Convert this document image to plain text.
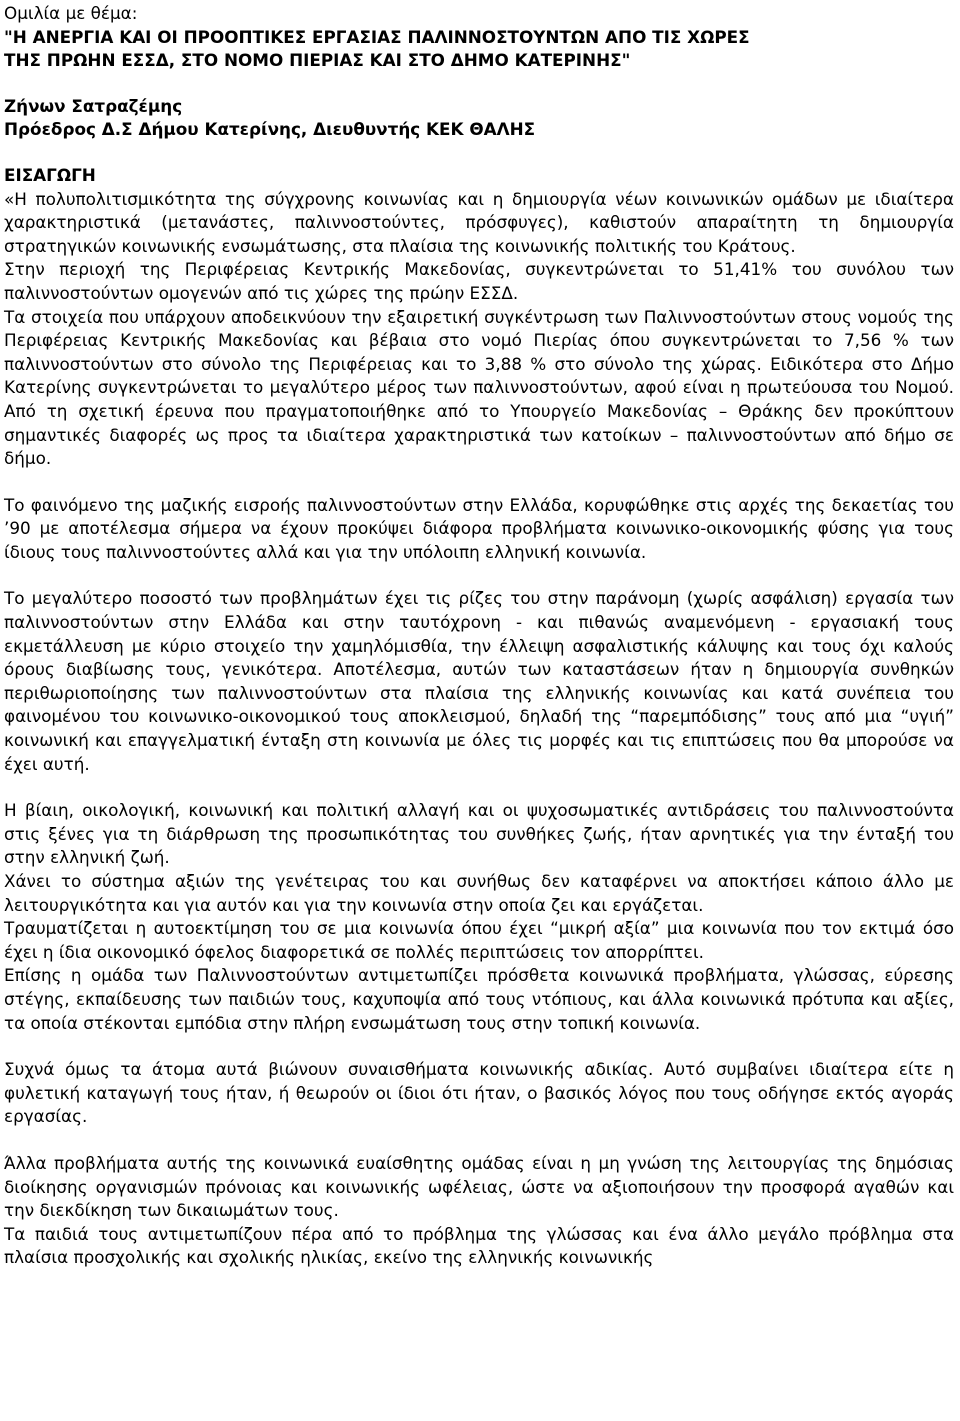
Ομιλία με θέμα:

"Η ΑΝΕΡΓΙΑ ΚΑΙ ΟΙ ΠΡΟΟΠΤΙΚΕΣ ΕΡΓΑΣΙΑΣ ΠΑΛΙΝΝΟΣΤΟΥΝΤΩΝ ΑΠΟ ΤΙΣ ΧΩΡΕΣ

ΤΗΣ ΠΡΩΗΝ ΕΣΣΔ, ΣΤΟ ΝΟΜΟ ΠΙΕΡΙΑΣ ΚΑΙ ΣΤΟ ΔΗΜΟ ΚΑΤΕΡΙΝΗΣ"

Ζήνων Σατραζέμης

Πρόεδρος Δ.Σ Δήμου Κατερίνης, Διευθυντής ΚΕΚ ΘΑΛΗΣ

ΕΙΣΑΓΩΓΗ

«Η πολυπολιτισμικότητα της σύγχρονης κοινωνίας και η δημιουργία νέων κοινωνικών ομάδων με ιδιαίτερα χαρακτηριστικά (μετανάστες, παλιννοστούντες, πρόσφυγες), καθιστούν απαραίτητη τη δημιουργία στρατηγικών κοινωνικής ενσωμάτωσης, στα πλαίσια της κοινωνικής πολιτικής του Κράτους.

Στην περιοχή της Περιφέρειας Κεντρικής Μακεδονίας, συγκεντρώνεται το 51,41% του συνόλου των παλιννοστούντων ομογενών από τις χώρες της πρώην ΕΣΣΔ.

Τα στοιχεία που υπάρχουν αποδεικνύουν την εξαιρετική συγκέντρωση των Παλιννοστούντων στους νομούς της Περιφέρειας Κεντρικής Μακεδονίας και βέβαια στο νομό Πιερίας όπου συγκεντρώνεται το 7,56 % των παλιννοστούντων στο σύνολο της Περιφέρειας και το 3,88 % στο σύνολο της χώρας. Ειδικότερα στο Δήμο Κατερίνης συγκεντρώνεται το μεγαλύτερο μέρος των παλιννοστούντων, αφού είναι η πρωτεύουσα του Νομού. Από τη σχετική έρευνα που πραγματοποιήθηκε από το Υπουργείο Μακεδονίας – Θράκης δεν προκύπτουν σημαντικές διαφορές ως προς τα ιδιαίτερα χαρακτηριστικά των κατοίκων – παλιννοστούντων από δήμο σε δήμο.

Το φαινόμενο της μαζικής εισροής παλιννοστούντων στην Ελλάδα, κορυφώθηκε στις αρχές της δεκαετίας του ’90 με αποτέλεσμα σήμερα να έχουν προκύψει διάφορα προβλήματα κοινωνικο-οικονομικής φύσης για τους ίδιους τους παλιννοστούντες αλλά και για την υπόλοιπη ελληνική κοινωνία.

Το μεγαλύτερο ποσοστό των προβλημάτων έχει τις ρίζες του στην παράνομη (χωρίς ασφάλιση) εργασία των παλιννοστούντων στην Ελλάδα και στην ταυτόχρονη - και πιθανώς αναμενόμενη - εργασιακή τους εκμετάλλευση με κύριο στοιχείο την χαμηλόμισθία, την έλλειψη ασφαλιστικής κάλυψης και τους όχι καλούς όρους διαβίωσης τους, γενικότερα. Αποτέλεσμα, αυτών των καταστάσεων ήταν η δημιουργία συνθηκών περιθωριοποίησης των παλιννοστούντων στα πλαίσια της ελληνικής κοινωνίας και κατά συνέπεια του φαινομένου του κοινωνικο-οικονομικού τους αποκλεισμού, δηλαδή της “παρεμπόδισης” τους από μια “υγιή” κοινωνική και επαγγελματική ένταξη στη κοινωνία με όλες τις μορφές και τις επιπτώσεις που θα μπορούσε να έχει αυτή.

Η βίαιη, οικολογική, κοινωνική και πολιτική αλλαγή και οι ψυχοσωματικές αντιδράσεις του παλιννοστούντα στις ξένες για τη διάρθρωση της προσωπικότητας του συνθήκες ζωής, ήταν αρνητικές για την ένταξή του στην ελληνική ζωή.

Χάνει το σύστημα αξιών της γενέτειρας του και συνήθως δεν καταφέρνει να αποκτήσει κάποιο άλλο με λειτουργικότητα και για αυτόν και για την κοινωνία στην οποία ζει και εργάζεται.

Τραυματίζεται η αυτοεκτίμηση του σε μια κοινωνία όπου έχει “μικρή αξία” μια κοινωνία που τον εκτιμά όσο έχει η ίδια οικονομικό όφελος διαφορετικά σε πολλές περιπτώσεις τον απορρίπτει.

Επίσης η ομάδα των Παλιννοστούντων αντιμετωπίζει πρόσθετα κοινωνικά προβλήματα, γλώσσας, εύρεσης στέγης, εκπαίδευσης των παιδιών τους, καχυποψία από τους ντόπιους, και άλλα κοινωνικά πρότυπα και αξίες, τα οποία στέκονται εμπόδια στην πλήρη ενσωμάτωση τους στην τοπική κοινωνία.

Συχνά όμως τα άτομα αυτά βιώνουν συναισθήματα κοινωνικής αδικίας. Αυτό συμβαίνει ιδιαίτερα είτε η φυλετική καταγωγή τους ήταν, ή θεωρούν οι ίδιοι ότι ήταν, ο βασικός λόγος που τους οδήγησε εκτός αγοράς εργασίας.

Άλλα προβλήματα αυτής της κοινωνικά ευαίσθητης ομάδας είναι η μη γνώση της λειτουργίας της δημόσιας διοίκησης οργανισμών πρόνοιας και κοινωνικής ωφέλειας, ώστε να αξιοποιήσουν την προσφορά αγαθών και την διεκδίκηση των δικαιωμάτων τους.

Τα παιδιά τους αντιμετωπίζουν πέρα από το πρόβλημα της γλώσσας και ένα άλλο μεγάλο πρόβλημα στα πλαίσια προσχολικής και σχολικής ηλικίας, εκείνο της ελληνικής κοινωνικής
